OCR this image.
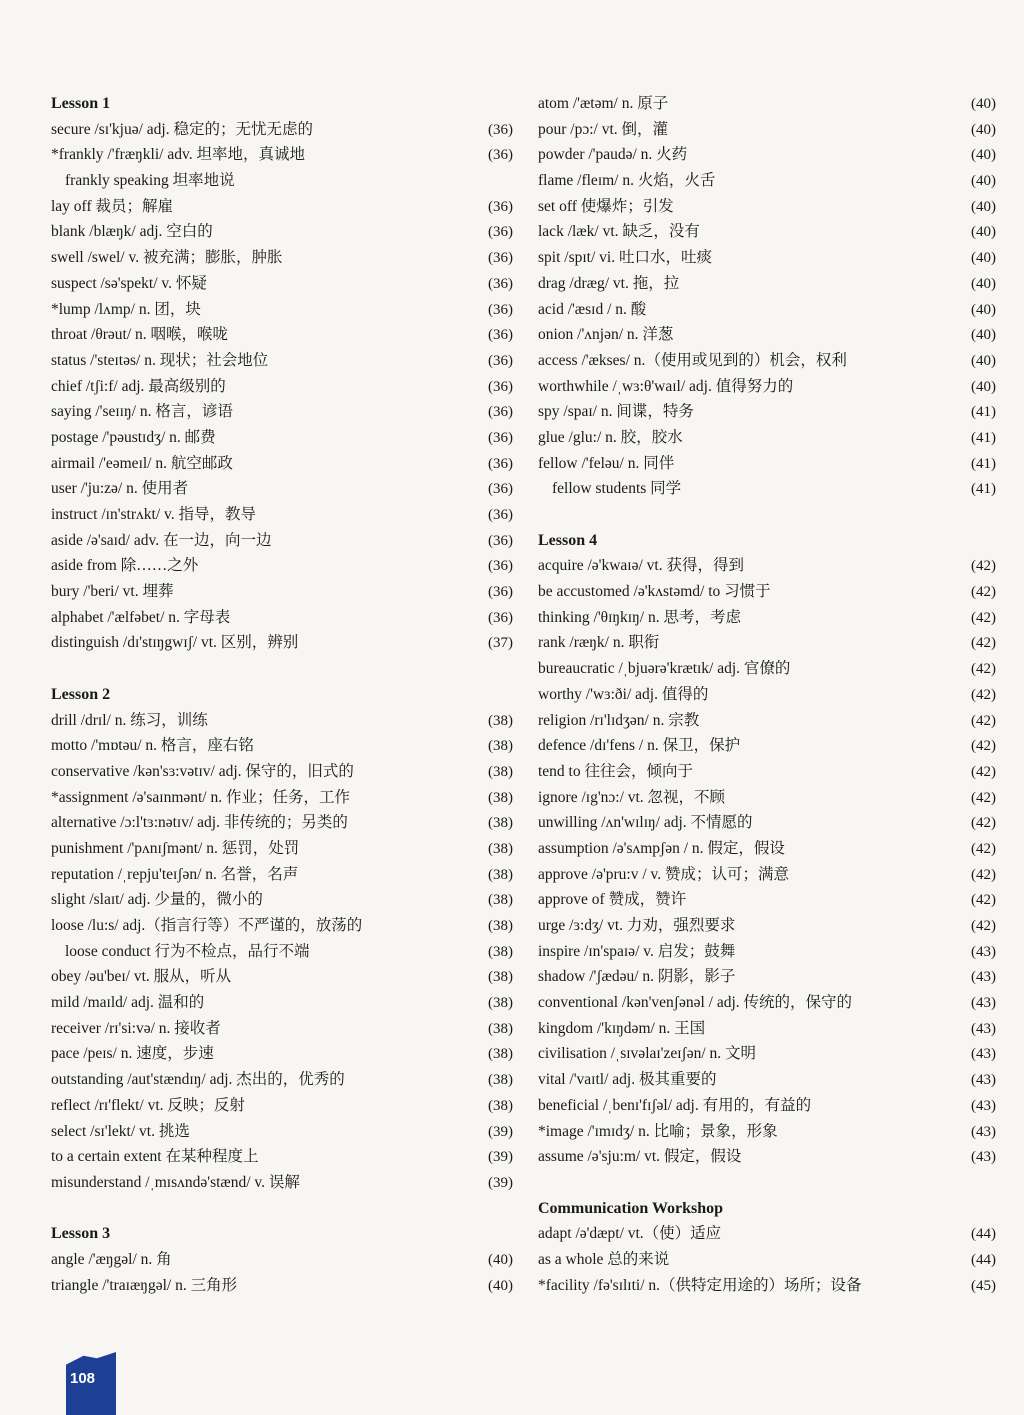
Lesson 1
secure /sɪ'kjuə/ adj. 稳定的；无忧无虑的	(36)
*frankly /'fræŋkli/ adv. 坦率地，真诚地	(36)
frankly speaking 坦率地说
lay off 裁员；解雇	(36)
blank /blæŋk/ adj. 空白的	(36)
swell /swel/ v. 被充满；膨胀，肿胀	(36)
suspect /sə'spekt/ v. 怀疑	(36)
*lump /lʌmp/ n. 团，块	(36)
throat /θrəut/ n. 咽喉，喉咙	(36)
status /'steɪtəs/ n. 现状；社会地位	(36)
chief /tʃi:f/ adj. 最高级别的	(36)
saying /'seɪɪŋ/ n. 格言，谚语	(36)
postage /'pəustɪdʒ/ n. 邮费	(36)
airmail /'eəmeɪl/ n. 航空邮政	(36)
user /'ju:zə/ n. 使用者	(36)
instruct /ɪn'strʌkt/ v. 指导，教导	(36)
aside /ə'saɪd/ adv. 在一边，向一边	(36)
aside from 除……之外	(36)
bury /'beri/ vt. 埋葬	(36)
alphabet /'ælfəbet/ n. 字母表	(36)
distinguish /dɪ'stɪŋgwɪʃ/ vt. 区别，辨别	(37)
Lesson 2
drill /drɪl/ n. 练习，训练	(38)
motto /'mɒtəu/ n. 格言，座右铭	(38)
conservative /kən'sɜ:vətɪv/ adj. 保守的，旧式的	(38)
*assignment /ə'saɪnmənt/ n. 作业；任务，工作	(38)
alternative /ɔ:l'tɜ:nətɪv/ adj. 非传统的；另类的	(38)
punishment /'pʌnɪʃmənt/ n. 惩罚，处罚	(38)
reputation /ˌrepju'teɪʃən/ n. 名誉，名声	(38)
slight /slaɪt/ adj. 少量的，微小的	(38)
loose /lu:s/ adj.（指言行等）不严谨的，放荡的	(38)
loose conduct 行为不检点，品行不端	(38)
obey /əu'beɪ/ vt. 服从，听从	(38)
mild /maɪld/ adj. 温和的	(38)
receiver /rɪ'si:və/ n. 接收者	(38)
pace /peɪs/ n. 速度，步速	(38)
outstanding /aut'stændɪŋ/ adj. 杰出的，优秀的	(38)
reflect /rɪ'flekt/ vt. 反映；反射	(38)
select /sɪ'lekt/ vt. 挑选	(39)
to a certain extent 在某种程度上	(39)
misunderstand /ˌmɪsʌndə'stænd/ v. 误解	(39)
Lesson 3
angle /'æŋgəl/ n. 角	(40)
triangle /'traɪæŋgəl/ n. 三角形	(40)
atom /'ætəm/ n. 原子	(40)
pour /pɔ:/ vt. 倒，灌	(40)
powder /'paudə/ n. 火药	(40)
flame /fleɪm/ n. 火焰，火舌	(40)
set off 使爆炸；引发	(40)
lack /læk/ vt. 缺乏，没有	(40)
spit /spɪt/ vi. 吐口水，吐痰	(40)
drag /dræg/ vt. 拖，拉	(40)
acid /'æsɪd / n. 酸	(40)
onion /'ʌnjən/ n. 洋葱	(40)
access /'ækses/ n.（使用或见到的）机会，权利	(40)
worthwhile /ˌwɜ:θ'waɪl/ adj. 值得努力的	(40)
spy /spaɪ/ n. 间谍，特务	(41)
glue /glu:/ n. 胶，胶水	(41)
fellow /'feləu/ n. 同伴	(41)
fellow students 同学	(41)
Lesson 4
acquire /ə'kwaɪə/ vt. 获得，得到	(42)
be accustomed /ə'kʌstəmd/ to 习惯于	(42)
thinking /'θɪŋkɪŋ/ n. 思考，考虑	(42)
rank /ræŋk/ n. 职衔	(42)
bureaucratic /ˌbjuərə'krætɪk/ adj. 官僚的	(42)
worthy /'wɜ:ði/ adj. 值得的	(42)
religion /rɪ'lɪdʒən/ n. 宗教	(42)
defence /dɪ'fens / n. 保卫，保护	(42)
tend to 往往会，倾向于	(42)
ignore /ɪg'nɔ:/ vt. 忽视，不顾	(42)
unwilling /ʌn'wɪlɪŋ/ adj. 不情愿的	(42)
assumption /ə'sʌmpʃən / n. 假定，假设	(42)
approve /ə'pru:v / v. 赞成；认可；满意	(42)
approve of 赞成，赞许	(42)
urge /ɜ:dʒ/ vt. 力劝，强烈要求	(42)
inspire /ɪn'spaɪə/ v. 启发；鼓舞	(43)
shadow /'ʃædəu/ n. 阴影，影子	(43)
conventional /kən'venʃənəl / adj. 传统的，保守的	(43)
kingdom /'kɪŋdəm/ n. 王国	(43)
civilisation /ˌsɪvəlaɪ'zeɪʃən/ n. 文明	(43)
vital /'vaɪtl/ adj. 极其重要的	(43)
beneficial /ˌbenɪ'fɪʃəl/ adj. 有用的，有益的	(43)
*image /'ɪmɪdʒ/ n. 比喻；景象，形象	(43)
assume /ə'sju:m/ vt. 假定，假设	(43)
Communication Workshop
adapt /ə'dæpt/ vt.（使）适应	(44)
as a whole 总的来说	(44)
*facility /fə'sɪlɪti/ n.（供特定用途的）场所；设备	(45)
108
